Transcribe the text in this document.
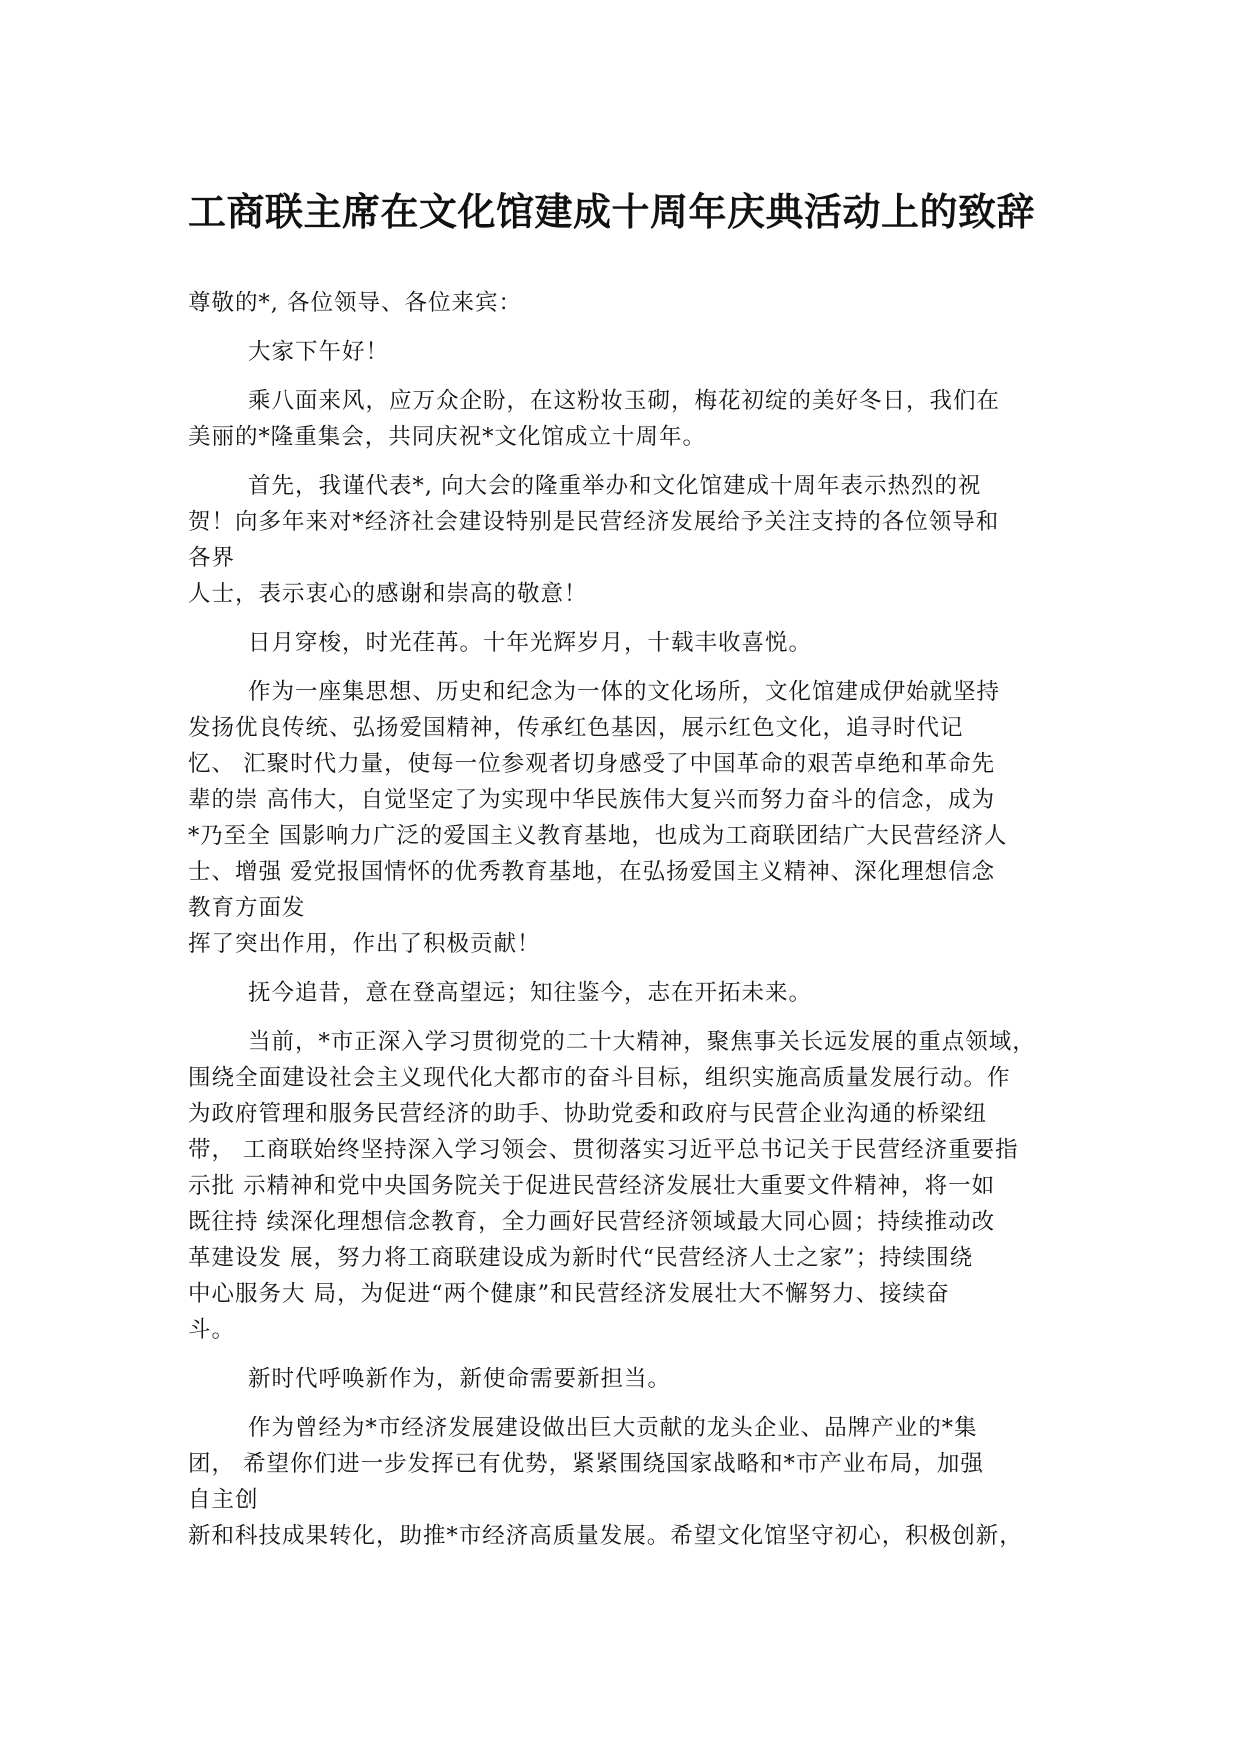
工商联主席在文化馆建成十周年庆典活动上的致辞
尊敬的*, 各位领导、各位来宾：
大家下午好！
乘八面来风，应万众企盼，在这粉妆玉砌，梅花初绽的美好冬日，我们在
美丽的*隆重集会，共同庆祝*文化馆成立十周年。
首先，我谨代表*, 向大会的隆重举办和文化馆建成十周年表示热烈的祝
贺！向多年来对*经济社会建设特别是民营经济发展给予关注支持的各位领导和
各界
人士，表示衷心的感谢和崇高的敬意！
日月穿梭，时光荏苒。十年光辉岁月，十载丰收喜悦。
作为一座集思想、历史和纪念为一体的文化场所，文化馆建成伊始就坚持
发扬优良传统、弘扬爱国精神，传承红色基因，展示红色文化，追寻时代记
忆、 汇聚时代力量，使每一位参观者切身感受了中国革命的艰苦卓绝和革命先
辈的崇 高伟大，自觉坚定了为实现中华民族伟大复兴而努力奋斗的信念，成为
*乃至全 国影响力广泛的爱国主义教育基地，也成为工商联团结广大民营经济人
士、增强 爱党报国情怀的优秀教育基地，在弘扬爱国主义精神、深化理想信念
教育方面发
挥了突出作用，作出了积极贡献！
抚今追昔，意在登高望远；知往鉴今，志在开拓未来。
当前，*市正深入学习贯彻党的二十大精神，聚焦事关长远发展的重点领域，
围绕全面建设社会主义现代化大都市的奋斗目标，组织实施高质量发展行动。作
为政府管理和服务民营经济的助手、协助党委和政府与民营企业沟通的桥梁纽
带， 工商联始终坚持深入学习领会、贯彻落实习近平总书记关于民营经济重要指
示批 示精神和党中央国务院关于促进民营经济发展壮大重要文件精神，将一如
既往持 续深化理想信念教育，全力画好民营经济领域最大同心圆；持续推动改
革建设发 展，努力将工商联建设成为新时代“民营经济人士之家”；持续围绕
中心服务大 局，为促进“两个健康”和民营经济发展壮大不懈努力、接续奋
斗。
新时代呼唤新作为，新使命需要新担当。
作为曾经为*市经济发展建设做出巨大贡献的龙头企业、品牌产业的*集
团， 希望你们进一步发挥已有优势，紧紧围绕国家战略和*市产业布局，加强
自主创
新和科技成果转化，助推*市经济高质量发展。希望文化馆坚守初心，积极创新，
